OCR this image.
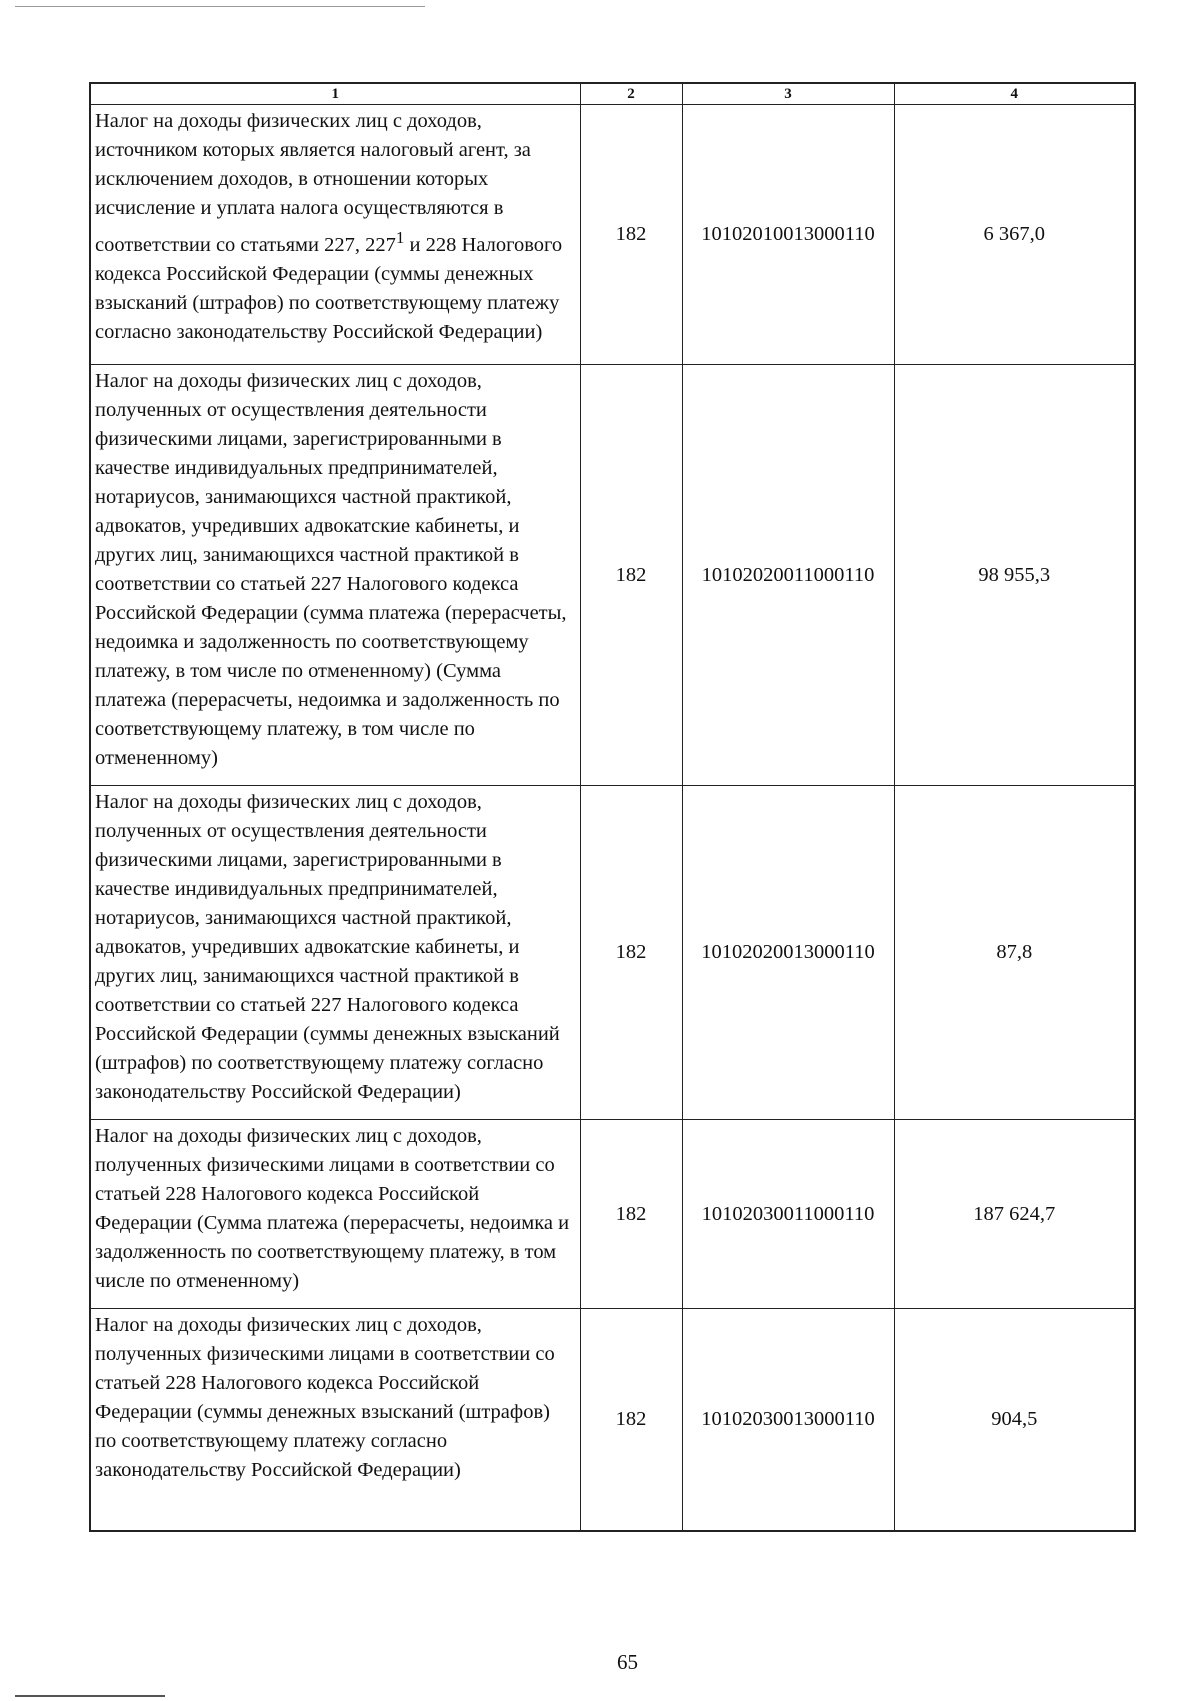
1	2	3	4
Налог на доходы физических лиц с доходов, источником которых является налоговый агент, за исключением доходов, в отношении которых исчисление и уплата налога осуществляются в соответствии со статьями 227, $227^1$ и 228 Налогового кодекса Российской Федерации (суммы денежных взысканий (штрафов) по соответствующему платежу согласно законодательству Российской Федерации)	182	10102010013000110	6 367,0
Налог на доходы физических лиц с доходов, полученных от осуществления деятельности физическими лицами, зарегистрированными в качестве индивидуальных предпринимателей, нотариусов, занимающихся частной практикой, адвокатов, учредивших адвокатские кабинеты, и других лиц, занимающихся частной практикой в соответствии со статьей 227 Налогового кодекса Российской Федерации (сумма платежа (перерасчеты, недоимка и задолженность по соответствующему платежу, в том числе по отмененному) (Сумма платежа (перерасчеты, недоимка и задолженность по соответствующему платежу, в том числе по отмененному)	182	10102020011000110	98 955,3
Налог на доходы физических лиц с доходов, полученных от осуществления деятельности физическими лицами, зарегистрированными в качестве индивидуальных предпринимателей, нотариусов, занимающихся частной практикой, адвокатов, учредивших адвокатские кабинеты, и других лиц, занимающихся частной практикой в соответствии со статьей 227 Налогового кодекса Российской Федерации (суммы денежных взысканий (штрафов) по соответствующему платежу согласно законодательству Российской Федерации)	182	10102020013000110	87,8
Налог на доходы физических лиц с доходов, полученных физическими лицами в соответствии со статьей 228 Налогового кодекса Российской Федерации (Сумма платежа (перерасчеты, недоимка и задолженность по соответствующему платежу, в том числе по отмененному)	182	10102030011000110	187 624,7
Налог на доходы физических лиц с доходов, полученных физическими лицами в соответствии со статьей 228 Налогового кодекса Российской Федерации (суммы денежных взысканий (штрафов) по соответствующему платежу согласно законодательству Российской Федерации)	182	10102030013000110	904,5
65
